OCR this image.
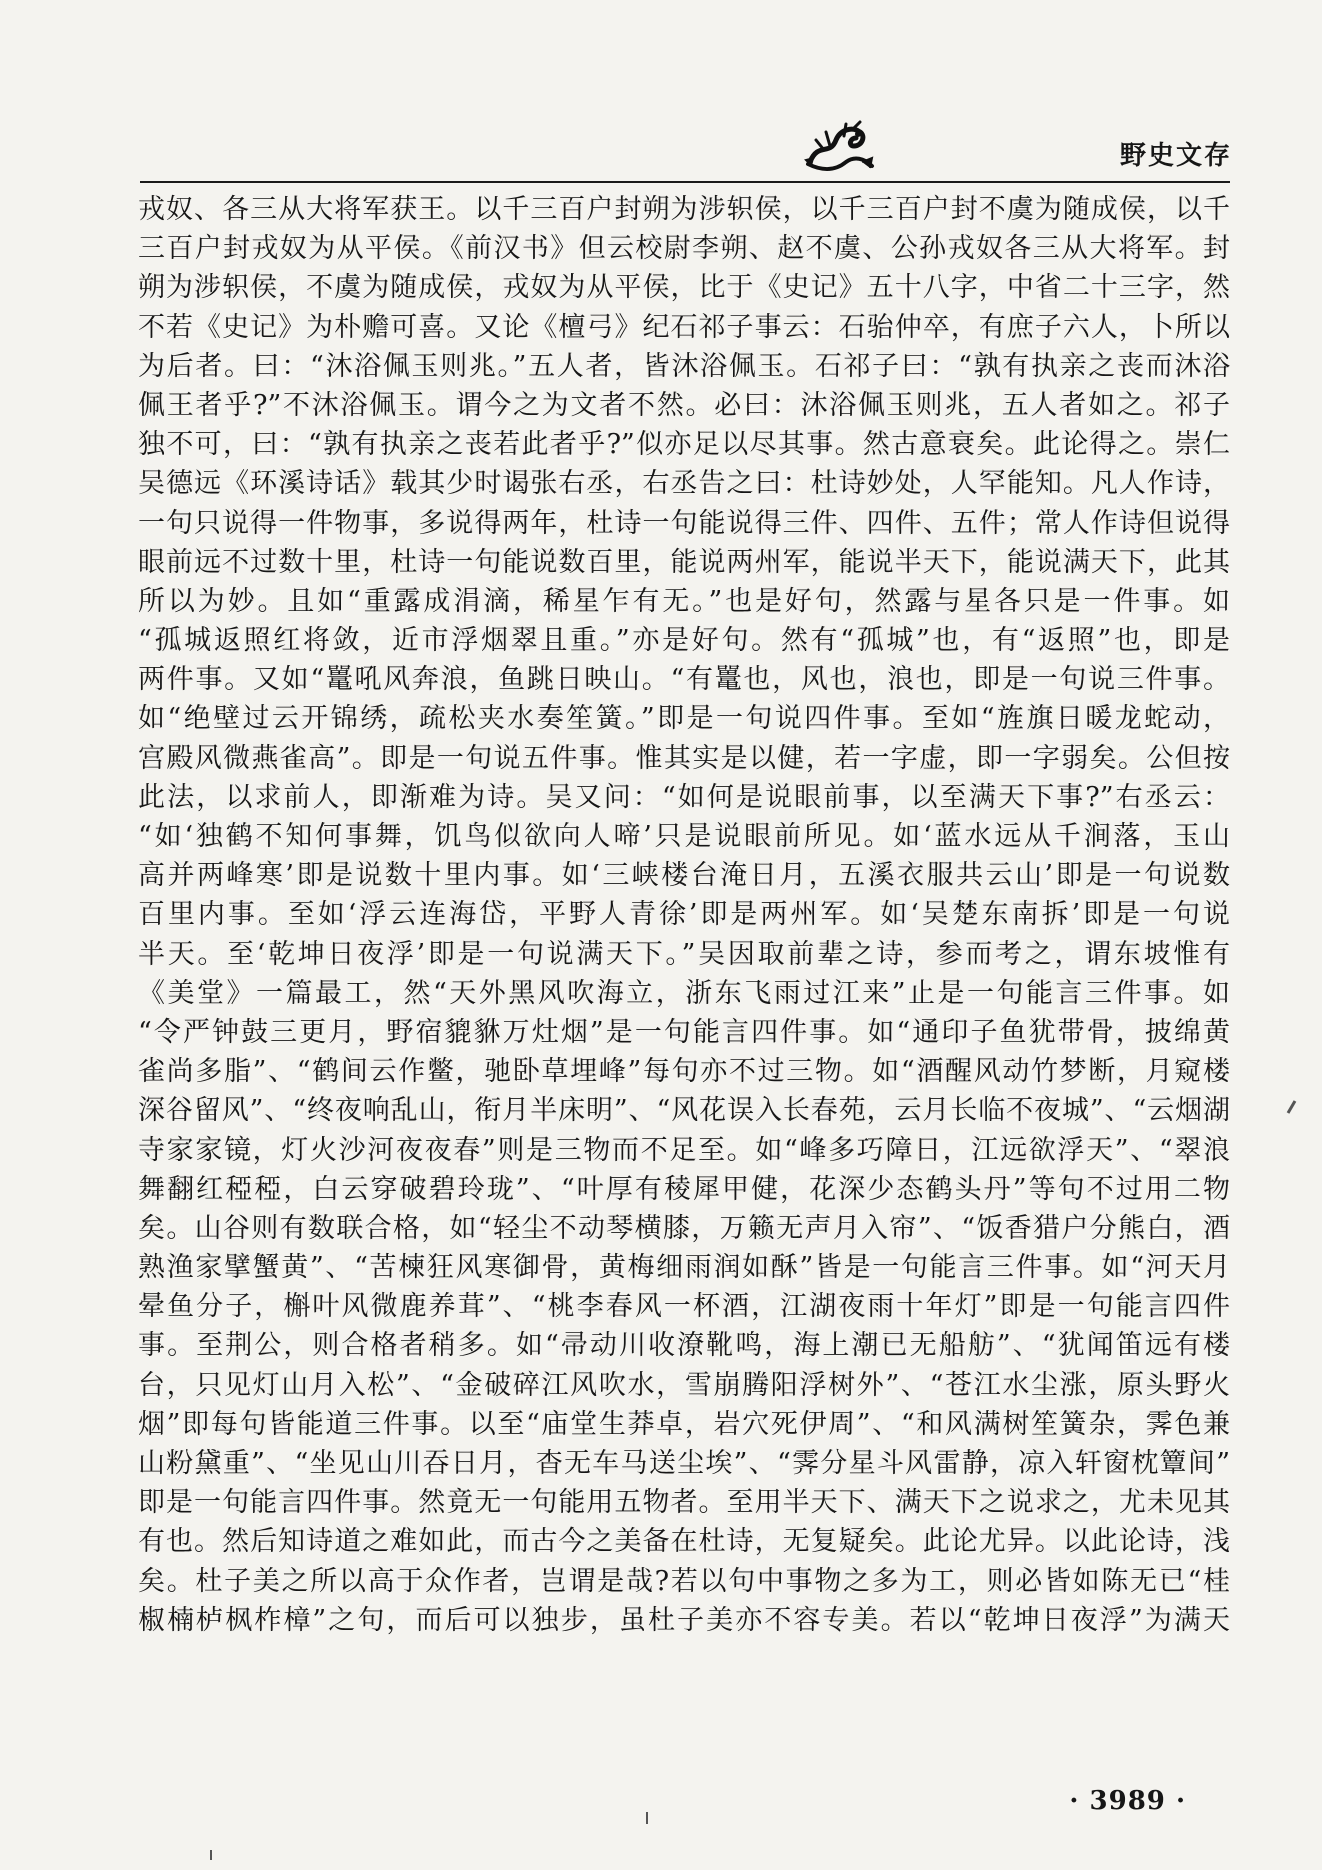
野史文存
戎奴、各三从大将军获王。以千三百户封朔为涉轵侯，以千三百户封不虞为随成侯，以千
三百户封戎奴为从平侯。《前汉书》但云校尉李朔、赵不虞、公孙戎奴各三从大将军。封
朔为涉轵侯，不虞为随成侯，戎奴为从平侯，比于《史记》五十八字，中省二十三字，然
不若《史记》为朴赡可喜。又论《檀弓》纪石祁子事云：石骀仲卒，有庶子六人，卜所以
为后者。曰：“沐浴佩玉则兆。”五人者，皆沐浴佩玉。石祁子曰：“孰有执亲之丧而沐浴
佩王者乎?”不沐浴佩玉。谓今之为文者不然。必曰：沐浴佩玉则兆，五人者如之。祁子
独不可，曰：“孰有执亲之丧若此者乎?”似亦足以尽其事。然古意衰矣。此论得之。崇仁
吴德远《环溪诗话》载其少时谒张右丞，右丞告之曰：杜诗妙处，人罕能知。凡人作诗，
一句只说得一件物事，多说得两年，杜诗一句能说得三件、四件、五件；常人作诗但说得
眼前远不过数十里，杜诗一句能说数百里，能说两州军，能说半天下，能说满天下，此其
所以为妙。且如“重露成涓滴，稀星乍有无。”也是好句，然露与星各只是一件事。如
“孤城返照红将敛，近市浮烟翠且重。”亦是好句。然有“孤城”也，有“返照”也，即是
两件事。又如“鼍吼风奔浪，鱼跳日映山。“有鼍也，风也，浪也，即是一句说三件事。
如“绝壁过云开锦绣，疏松夹水奏笙簧。”即是一句说四件事。至如“旌旗日暖龙蛇动，
宫殿风微燕雀高”。即是一句说五件事。惟其实是以健，若一字虚，即一字弱矣。公但按
此法，以求前人，即渐难为诗。吴又问：“如何是说眼前事，以至满天下事?”右丞云：
“如‘独鹤不知何事舞，饥鸟似欲向人啼’只是说眼前所见。如‘蓝水远从千涧落，玉山
高并两峰寒’即是说数十里内事。如‘三峡楼台淹日月，五溪衣服共云山’即是一句说数
百里内事。至如‘浮云连海岱，平野人青徐’即是两州军。如‘吴楚东南拆’即是一句说
半天。至‘乾坤日夜浮’即是一句说满天下。”吴因取前辈之诗，参而考之，谓东坡惟有
《美堂》一篇最工，然“天外黑风吹海立，浙东飞雨过江来”止是一句能言三件事。如
“令严钟鼓三更月，野宿貔貅万灶烟”是一句能言四件事。如“通印子鱼犹带骨，披绵黄
雀尚多脂”、“鹤间云作鳖，驰卧草埋峰”每句亦不过三物。如“酒醒风动竹梦断，月窥楼
深谷留风”、“终夜响乱山，衔月半床明”、“风花误入长春苑，云月长临不夜城”、“云烟湖
寺家家镜，灯火沙河夜夜春”则是三物而不足至。如“峰多巧障日，江远欲浮天”、“翠浪
舞翻红稏稏，白云穿破碧玲珑”、“叶厚有稜犀甲健，花深少态鹤头丹”等句不过用二物
矣。山谷则有数联合格，如“轻尘不动琴横膝，万籁无声月入帘”、“饭香猎户分熊白，酒
熟渔家擘蟹黄”、“苦楝狂风寒御骨，黄梅细雨润如酥”皆是一句能言三件事。如“河天月
晕鱼分子，槲叶风微鹿养茸”、“桃李春风一杯酒，江湖夜雨十年灯”即是一句能言四件
事。至荆公，则合格者稍多。如“帚动川收潦靴鸣，海上潮已无船舫”、“犹闻笛远有楼
台，只见灯山月入松”、“金破碎江风吹水，雪崩腾阳浮树外”、“苍江水尘涨，原头野火
烟”即每句皆能道三件事。以至“庙堂生莽卓，岩穴死伊周”、“和风满树笙簧杂，霁色兼
山粉黛重”、“坐见山川吞日月，杳无车马送尘埃”、“霁分星斗风雷静，凉入轩窗枕簟间”
即是一句能言四件事。然竟无一句能用五物者。至用半天下、满天下之说求之，尤未见其
有也。然后知诗道之难如此，而古今之美备在杜诗，无复疑矣。此论尤异。以此论诗，浅
矣。杜子美之所以高于众作者，岂谓是哉?若以句中事物之多为工，则必皆如陈无已“桂
椒楠栌枫柞樟”之句，而后可以独步，虽杜子美亦不容专美。若以“乾坤日夜浮”为满天
· 3989 ·
